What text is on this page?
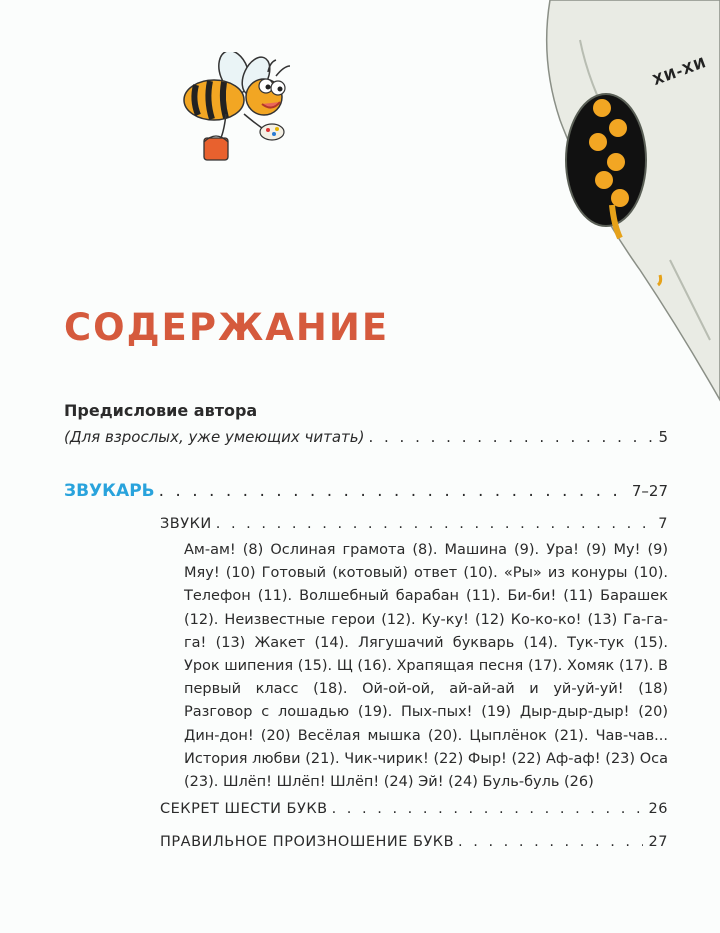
ХИ-ХИ
СОДЕРЖАНИЕ
Предисловие автора
(Для взрослых, уже умеющих читать) . . .	5
ЗВУКАРЬ . . .	7–27
ЗВУКИ . . .	7
Ам-ам! (8) Ослиная грамота (8). Машина (9). Ура! (9) Му! (9) Мяу! (10) Готовый (котовый) ответ (10). «Ры» из конуры (10). Телефон (11). Волшебный барабан (11). Би-би! (11) Барашек (12). Неизвестные герои (12). Ку-ку! (12) Ко-ко-ко! (13) Га-га-га! (13) Жакет (14). Лягушачий букварь (14). Тук-тук (15). Урок шипения (15). Щ (16). Храпящая песня (17). Хомяк (17). В первый класс (18). Ой-ой-ой, ай-ай-ай и уй-уй-уй! (18) Разговор с лошадью (19). Пых-пых! (19) Дыр-дыр-дыр! (20) Дин-дон! (20) Весёлая мышка (20). Цыплёнок (21). Чав-чав... История любви (21). Чик-чирик! (22) Фыр! (22) Аф-аф! (23) Оса (23). Шлёп! Шлёп! Шлёп! (24) Эй! (24) Буль-буль (26)
СЕКРЕТ ШЕСТИ БУКВ . . .	26
ПРАВИЛЬНОЕ ПРОИЗНОШЕНИЕ БУКВ . . .	27
